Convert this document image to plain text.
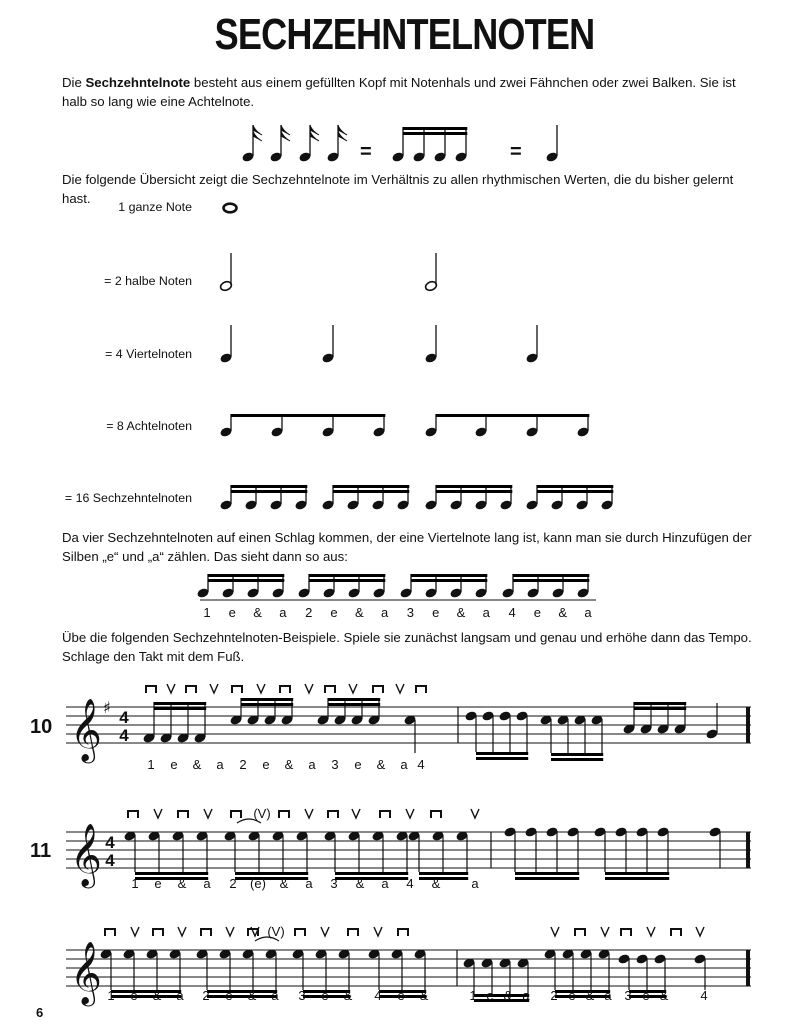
SECHZEHNTELNOTEN
Die Sechzehntelnote besteht aus einem gefüllten Kopf mit Notenhals und zwei Fähnchen oder zwei Balken. Sie ist halb so lang wie eine Achtelnote.
1 e & a 2 e & a 3 e & a 4 e & a
𝄞 ♯
4
4
1 e & a 2 e & a 3 e & a 4
𝄞 4
4
(V)
1 e & a 2 (e) & a 3 & a 4 & a
𝄞
(V)
1 e & a 2 e & a 3 e & 4 e &	1 e & a 2 e & a 3 e & 4
=	=
Die folgende Übersicht zeigt die Sechzehntelnote im Verhältnis zu allen rhythmischen Werten, die du bisher gelernt hast.
1 ganze Note
= 2 halbe Noten
= 4 Viertelnoten
= 8 Achtelnoten
= 16 Sechzehntelnoten
Da vier Sechzehntelnoten auf einen Schlag kommen, der eine Viertelnote lang ist, kann man sie durch Hinzufügen der Silben „e“ und „a“ zählen. Das sieht dann so aus:
Übe die folgenden Sechzehntelnoten-Beispiele. Spiele sie zunächst langsam und genau und erhöhe dann das Tempo. Schlage den Takt mit dem Fuß.
10
11
6
